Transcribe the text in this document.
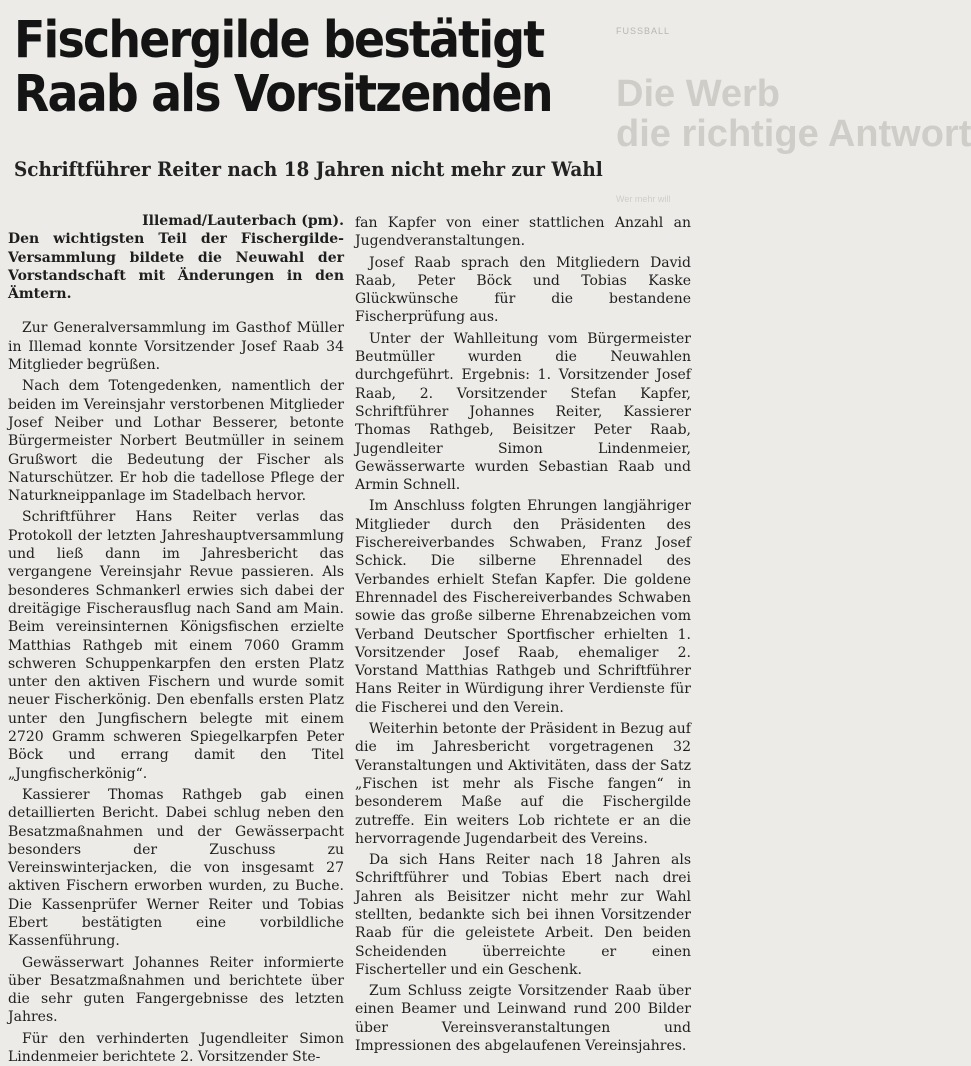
FUSSBALL
Die Werb
die richtige Antwort
Wer mehr will
Fischergilde bestätigt
Raab als Vorsitzenden
Schriftführer Reiter nach 18 Jahren nicht mehr zur Wahl

Illemad/Lauterbach (pm).
Den wichtigsten Teil der Fischergilde-Versammlung bildete die Neuwahl der Vorstandschaft mit Änderungen in den Ämtern.

Zur Generalversammlung im Gasthof Müller in Illemad konnte Vorsitzender Josef Raab 34 Mitglieder begrüßen.

Nach dem Totengedenken, namentlich der beiden im Vereinsjahr verstorbenen Mitglieder Josef Neiber und Lothar Besserer, betonte Bürgermeister Norbert Beutmüller in seinem Grußwort die Bedeutung der Fischer als Naturschützer. Er hob die tadellose Pflege der Naturkneippanlage im Stadelbach hervor.

Schriftführer Hans Reiter verlas das Protokoll der letzten Jahreshauptversammlung und ließ dann im Jahresbericht das vergangene Vereinsjahr Revue passieren. Als besonderes Schmankerl erwies sich dabei der dreitägige Fischerausflug nach Sand am Main. Beim vereinsinternen Königsfischen erzielte Matthias Rathgeb mit einem 7060 Gramm schweren Schuppenkarpfen den ersten Platz unter den aktiven Fischern und wurde somit neuer Fischerkönig. Den ebenfalls ersten Platz unter den Jungfischern belegte mit einem 2720 Gramm schweren Spiegelkarpfen Peter Böck und errang damit den Titel „Jungfischerkönig“.

Kassierer Thomas Rathgeb gab einen detaillierten Bericht. Dabei schlug neben den Besatzmaßnahmen und der Gewässerpacht besonders der Zuschuss zu Vereinswinterjacken, die von insgesamt 27 aktiven Fischern erworben wurden, zu Buche. Die Kassenprüfer Werner Reiter und Tobias Ebert bestätigten eine vorbildliche Kassenführung.

Gewässerwart Johannes Reiter informierte über Besatzmaßnahmen und berichtete über die sehr guten Fangergebnisse des letzten Jahres.

Für den verhinderten Jugendleiter Simon Lindenmeier berichtete 2. Vorsitzender Ste-

fan Kapfer von einer stattlichen Anzahl an Jugendveranstaltungen.

Josef Raab sprach den Mitgliedern David Raab, Peter Böck und Tobias Kaske Glückwünsche für die bestandene Fischerprüfung aus.

Unter der Wahlleitung vom Bürgermeister Beutmüller wurden die Neuwahlen durchgeführt. Ergebnis: 1. Vorsitzender Josef Raab, 2. Vorsitzender Stefan Kapfer, Schriftführer Johannes Reiter, Kassierer Thomas Rathgeb, Beisitzer Peter Raab, Jugendleiter Simon Lindenmeier, Gewässerwarte wurden Sebastian Raab und Armin Schnell.

Im Anschluss folgten Ehrungen langjähriger Mitglieder durch den Präsidenten des Fischereiverbandes Schwaben, Franz Josef Schick. Die silberne Ehrennadel des Verbandes erhielt Stefan Kapfer. Die goldene Ehrennadel des Fischereiverbandes Schwaben sowie das große silberne Ehrenabzeichen vom Verband Deutscher Sportfischer erhielten 1. Vorsitzender Josef Raab, ehemaliger 2. Vorstand Matthias Rathgeb und Schriftführer Hans Reiter in Würdigung ihrer Verdienste für die Fischerei und den Verein.

Weiterhin betonte der Präsident in Bezug auf die im Jahresbericht vorgetragenen 32 Veranstaltungen und Aktivitäten, dass der Satz „Fischen ist mehr als Fische fangen“ in besonderem Maße auf die Fischergilde zutreffe. Ein weiters Lob richtete er an die hervorragende Jugendarbeit des Vereins.

Da sich Hans Reiter nach 18 Jahren als Schriftführer und Tobias Ebert nach drei Jahren als Beisitzer nicht mehr zur Wahl stellten, bedankte sich bei ihnen Vorsitzender Raab für die geleistete Arbeit. Den beiden Scheidenden überreichte er einen Fischerteller und ein Geschenk.

Zum Schluss zeigte Vorsitzender Raab über einen Beamer und Leinwand rund 200 Bilder über Vereinsveranstaltungen und Impressionen des abgelaufenen Vereinsjahres.
